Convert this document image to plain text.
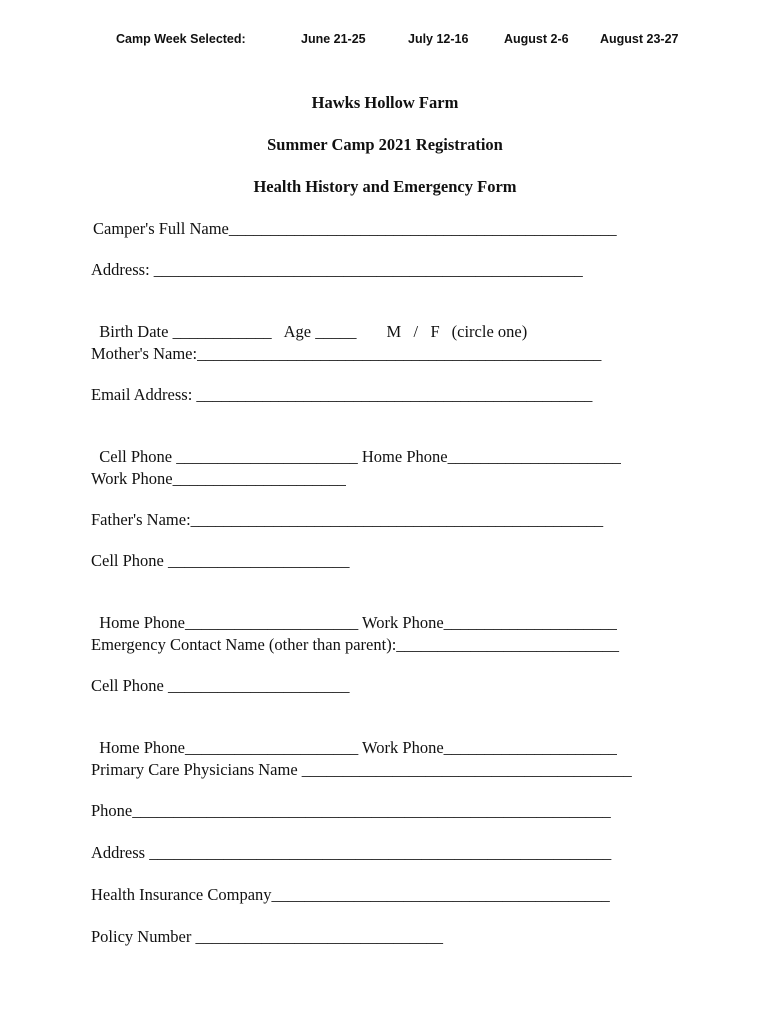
Camp Week Selected:	June 21-25	July 12-16	August 2-6	August 23-27
Hawks Hollow Farm
Summer Camp 2021 Registration
Health History and Emergency Form
Camper's Full Name_______________________________________________
Address: ____________________________________________________

Birth Date ____________ Age _____ M   /   F (circle one)

Mother's Name:_________________________________________________
Email Address: ________________________________________________

Cell Phone ______________________ Home Phone_____________________

Work Phone_____________________
Father's Name:__________________________________________________
Cell Phone ______________________

Home Phone_____________________ Work Phone_____________________

Emergency Contact Name (other than parent):___________________________
Cell Phone ______________________

Home Phone_____________________ Work Phone_____________________

Primary Care Physicians Name ________________________________________
Phone__________________________________________________________
Address ________________________________________________________
Health Insurance Company_________________________________________
Policy Number ______________________________
